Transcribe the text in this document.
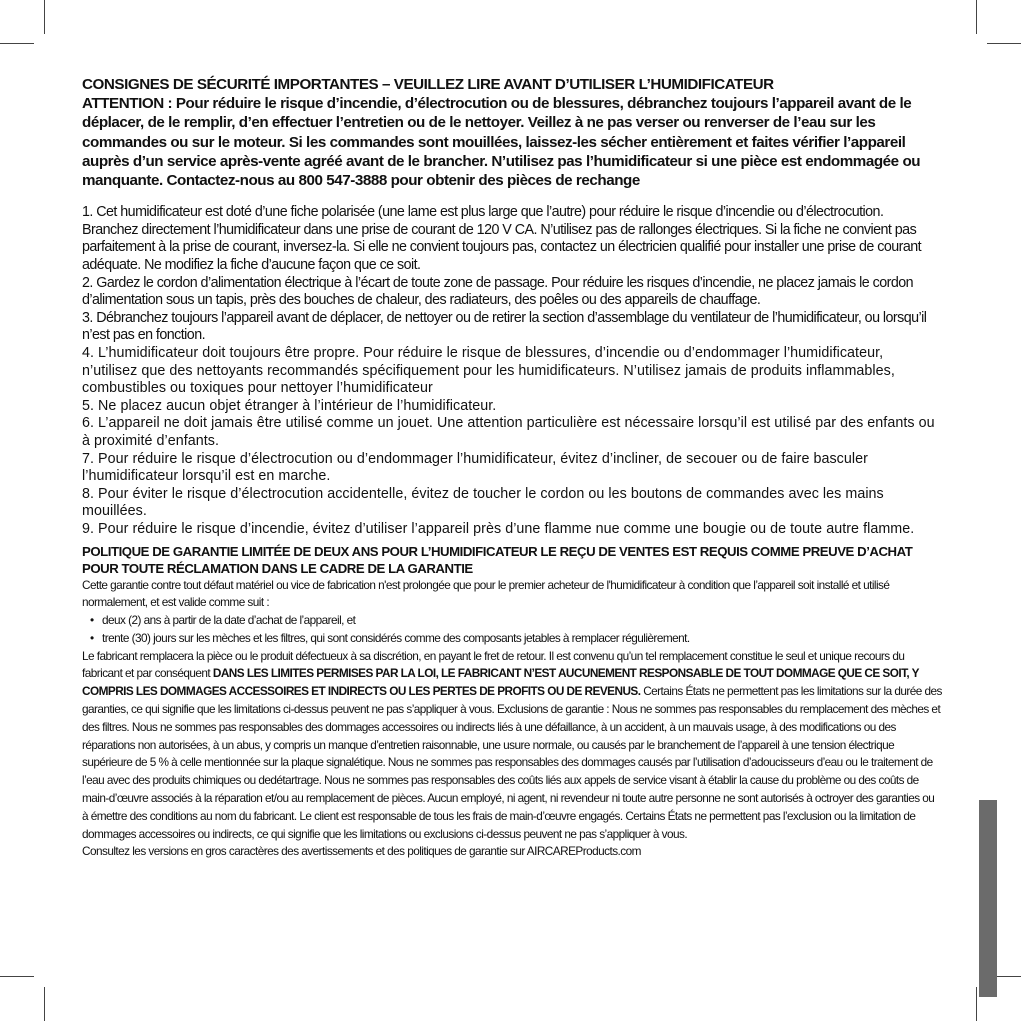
CONSIGNES DE SÉCURITÉ IMPORTANTES – VEUILLEZ LIRE AVANT D’UTILISER L’HUMIDIFICATEUR
ATTENTION : Pour réduire le risque d’incendie, d’électrocution ou de blessures, débranchez toujours l’appareil avant de le déplacer, de le remplir, d’en effectuer l’entretien ou de le nettoyer. Veillez à ne pas verser ou renverser de l’eau sur les commandes ou sur le moteur. Si les commandes sont mouillées, laissez-les sécher entièrement et faites vérifier l’appareil auprès d’un service après-vente agréé avant de le brancher. N’utilisez pas l’humidificateur si une pièce est endommagée ou manquante. Contactez-nous au 800 547-3888 pour obtenir des pièces de rechange

1. Cet humidificateur est doté d’une fiche polarisée (une lame est plus large que l’autre) pour réduire le risque d’incendie ou d’électrocution. Branchez directement l’humidificateur dans une prise de courant de 120 V CA. N’utilisez pas de rallonges électriques. Si la fiche ne convient pas parfaitement à la prise de courant, inversez-la. Si elle ne convient toujours pas, contactez un électricien qualifié pour installer une prise de courant adéquate. Ne modifiez la fiche d’aucune façon que ce soit.

2. Gardez le cordon d’alimentation électrique à l’écart de toute zone de passage. Pour réduire les risques d’incendie, ne placez jamais le cordon d’alimentation sous un tapis, près des bouches de chaleur, des radiateurs, des poêles ou des appareils de chauffage.

3. Débranchez toujours l’appareil avant de déplacer, de nettoyer ou de retirer la section d’assemblage du ventilateur de l’humidificateur, ou lorsqu’il n’est pas en fonction.

4. L’humidificateur doit toujours être propre. Pour réduire le risque de blessures, d’incendie ou d’endommager l’humidificateur, n’utilisez que des nettoyants recommandés spécifiquement pour les humidificateurs. N’utilisez jamais de produits inflammables, combustibles ou toxiques pour nettoyer l’humidificateur

5. Ne placez aucun objet étranger à l’intérieur de l’humidificateur.

6. L’appareil ne doit jamais être utilisé comme un jouet. Une attention particulière est nécessaire lorsqu’il est utilisé par des enfants ou à proximité d’enfants.

7. Pour réduire le risque d’électrocution ou d’endommager l’humidificateur, évitez d’incliner, de secouer ou de faire basculer l’humidificateur lorsqu’il est en marche.

8. Pour éviter le risque d’électrocution accidentelle, évitez de toucher le cordon ou les boutons de commandes avec les mains mouillées.

9. Pour réduire le risque d’incendie, évitez d’utiliser l’appareil près d’une flamme nue comme une bougie ou de toute autre flamme.

POLITIQUE DE GARANTIE LIMITÉE DE DEUX ANS POUR L’HUMIDIFICATEUR LE REÇU DE VENTES EST REQUIS COMME PREUVE D’ACHAT POUR TOUTE RÉCLAMATION DANS LE CADRE DE LA GARANTIE

Cette garantie contre tout défaut matériel ou vice de fabrication n'est prolongée que pour le premier acheteur de l'humidificateur à condition que l’appareil soit installé et utilisé normalement, et est valide comme suit :

• deux (2) ans à partir de la date d’achat de l’appareil, et
• trente (30) jours sur les mèches et les filtres, qui sont considérés comme des composants jetables à remplacer régulièrement.

Le fabricant remplacera la pièce ou le produit défectueux à sa discrétion, en payant le fret de retour. Il est convenu qu’un tel remplacement constitue le seul et unique recours du fabricant et par conséquent DANS LES LIMITES PERMISES PAR LA LOI, LE FABRICANT N’EST AUCUNEMENT RESPONSABLE DE TOUT DOMMAGE QUE CE SOIT, Y COMPRIS LES DOMMAGES ACCESSOIRES ET INDIRECTS OU LES PERTES DE PROFITS OU DE REVENUS. Certains États ne permettent pas les limitations sur la durée des garanties, ce qui signifie que les limitations ci-dessus peuvent ne pas s’appliquer à vous. Exclusions de garantie : Nous ne sommes pas responsables du remplacement des mèches et des filtres. Nous ne sommes pas responsables des dommages accessoires ou indirects liés à une défaillance, à un accident, à un mauvais usage, à des modifications ou des réparations non autorisées, à un abus, y compris un manque d’entretien raisonnable, une usure normale, ou causés par le branchement de l’appareil à une tension électrique supérieure de 5 % à celle mentionnée sur la plaque signalétique. Nous ne sommes pas responsables des dommages causés par l’utilisation d’adoucisseurs d’eau ou le traitement de l’eau avec des produits chimiques ou dedétartrage. Nous ne sommes pas responsables des coûts liés aux appels de service visant à établir la cause du problème ou des coûts de main-d’œuvre associés à la réparation et/ou au remplacement de pièces. Aucun employé, ni agent, ni revendeur ni toute autre personne ne sont autorisés à octroyer des garanties ou à émettre des conditions au nom du fabricant. Le client est responsable de tous les frais de main-d’œuvre engagés. Certains États ne permettent pas l’exclusion ou la limitation de dommages accessoires ou indirects, ce qui signifie que les limitations ou exclusions ci-dessus peuvent ne pas s’appliquer à vous.

Consultez les versions en gros caractères des avertissements et des politiques de garantie sur AIRCAREProducts.com
